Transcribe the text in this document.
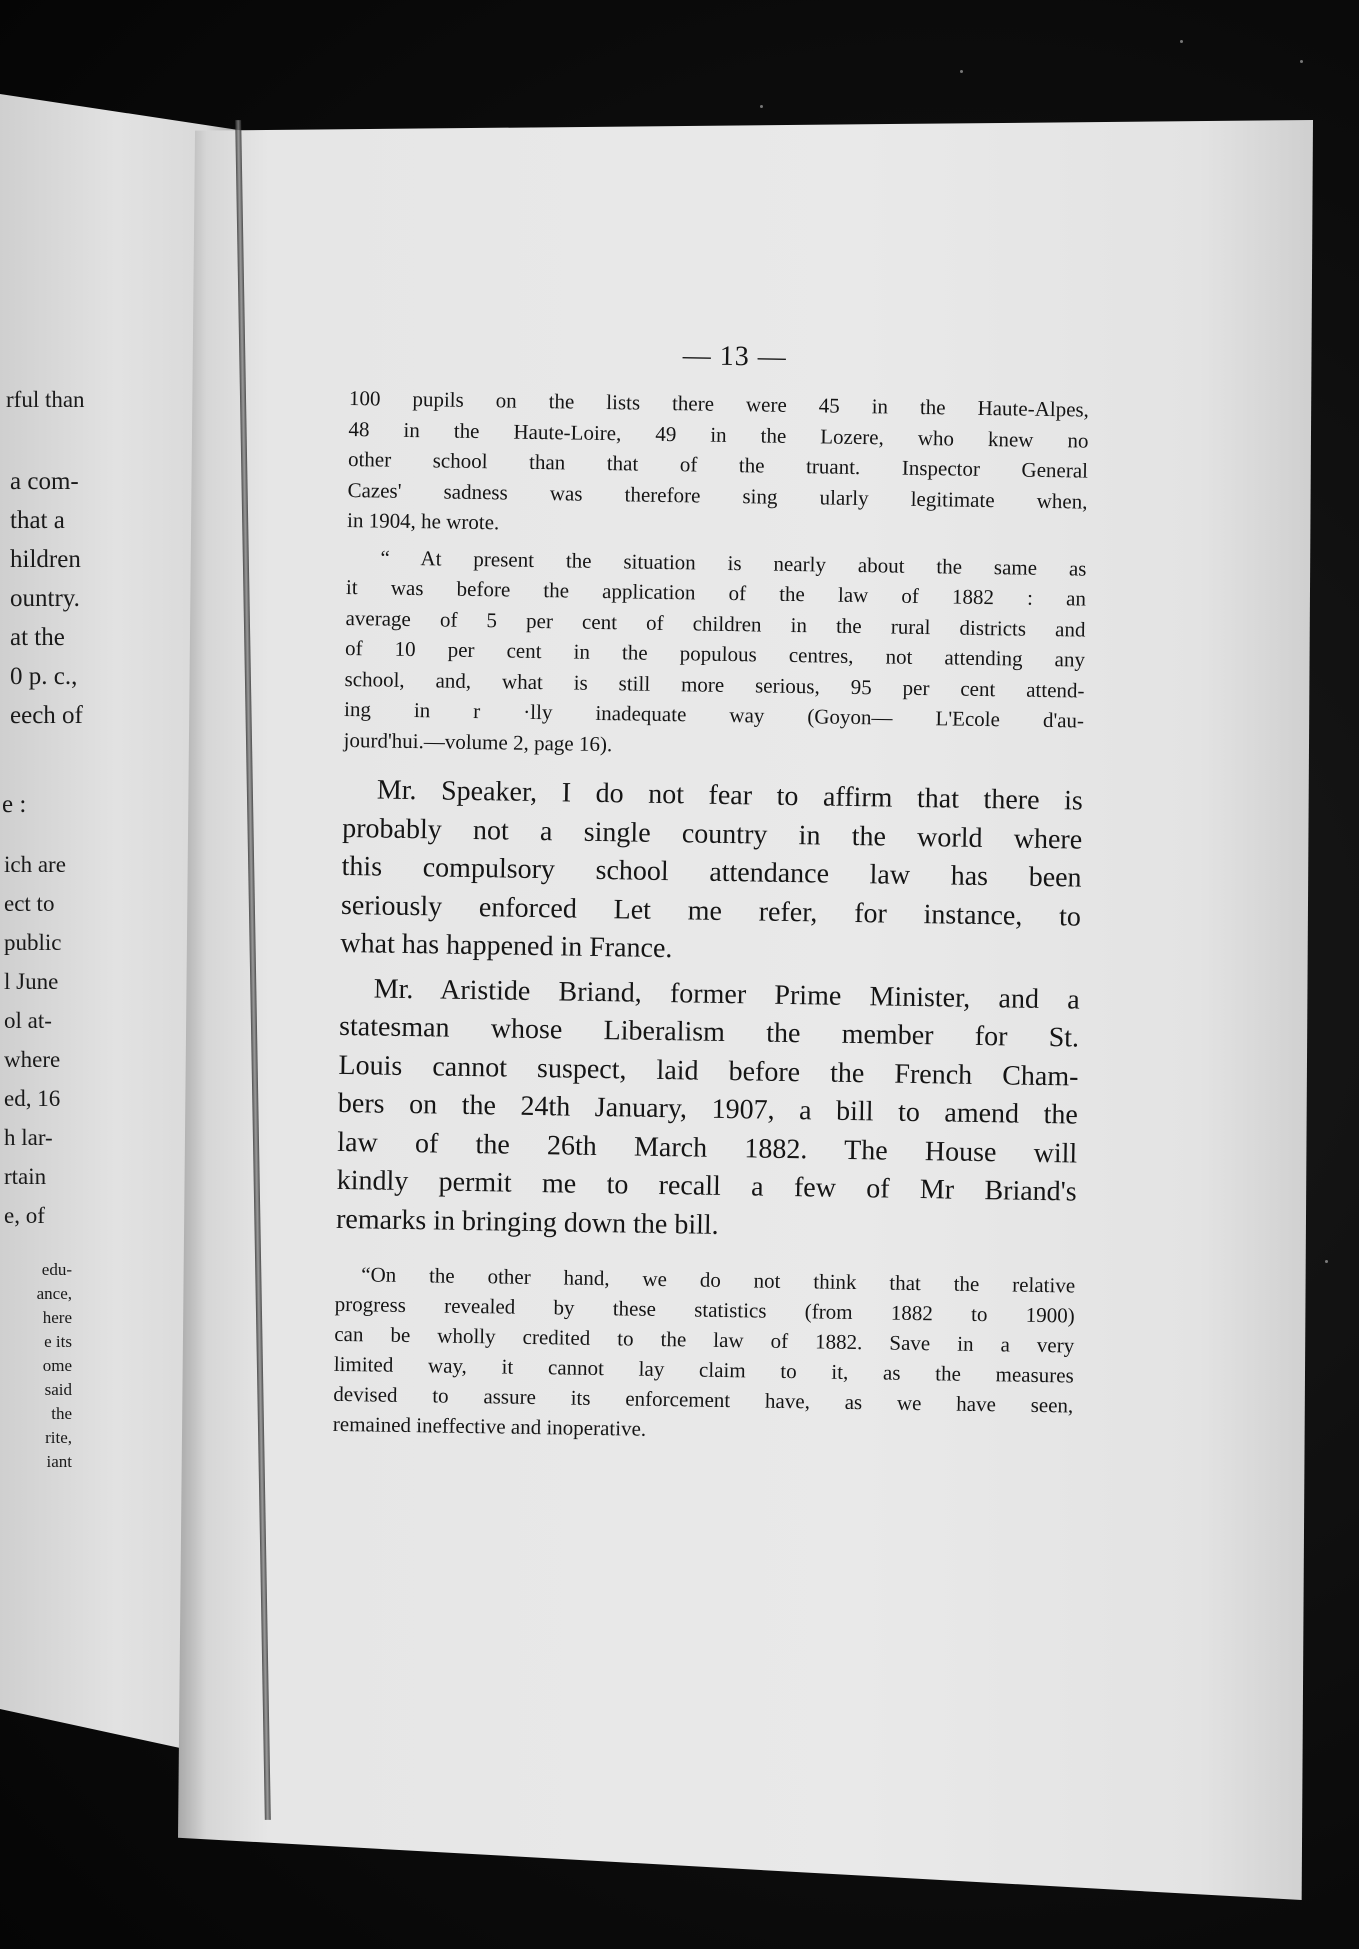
rful than
a com-
that a
hildren
ountry.
at the
0 p. c.,
eech of
e :
ich are
ect to
public
l June
ol at-
where
ed, 16
h lar-
rtain
e, of
edu-
ance,
here
e its
ome
said
the
rite,
iant
— 13 —
100 pupils on the lists there were 45 in the Haute-Alpes,
48 in the Haute-Loire, 49 in the Lozere, who knew no
other school than that of the truant. Inspector General
Cazes' sadness was therefore sing ularly legitimate when,
in 1904, he wrote.
“ At present the situation is nearly about the same as
it was before the application of the law of 1882 : an
average of 5 per cent of children in the rural districts and
of 10 per cent in the populous centres, not attending any
school, and, what is still more serious, 95 per cent attend-
ing in r ·lly inadequate way (Goyon— L'Ecole d'au-
jourd'hui.—volume 2, page 16).
Mr. Speaker, I do not fear to affirm that there is
probably not a single country in the world where
this compulsory school attendance law has been
seriously enforced Let me refer, for instance, to
what has happened in France.
Mr. Aristide Briand, former Prime Minister, and a
statesman whose Liberalism the member for St.
Louis cannot suspect, laid before the French Cham-
bers on the 24th January, 1907, a bill to amend the
law of the 26th March 1882. The House will
kindly permit me to recall a few of Mr Briand's
remarks in bringing down the bill.
“On the other hand, we do not think that the relative
progress revealed by these statistics (from 1882 to 1900)
can be wholly credited to the law of 1882. Save in a very
limited way, it cannot lay claim to it, as the measures
devised to assure its enforcement have, as we have seen,
remained ineffective and inoperative.
